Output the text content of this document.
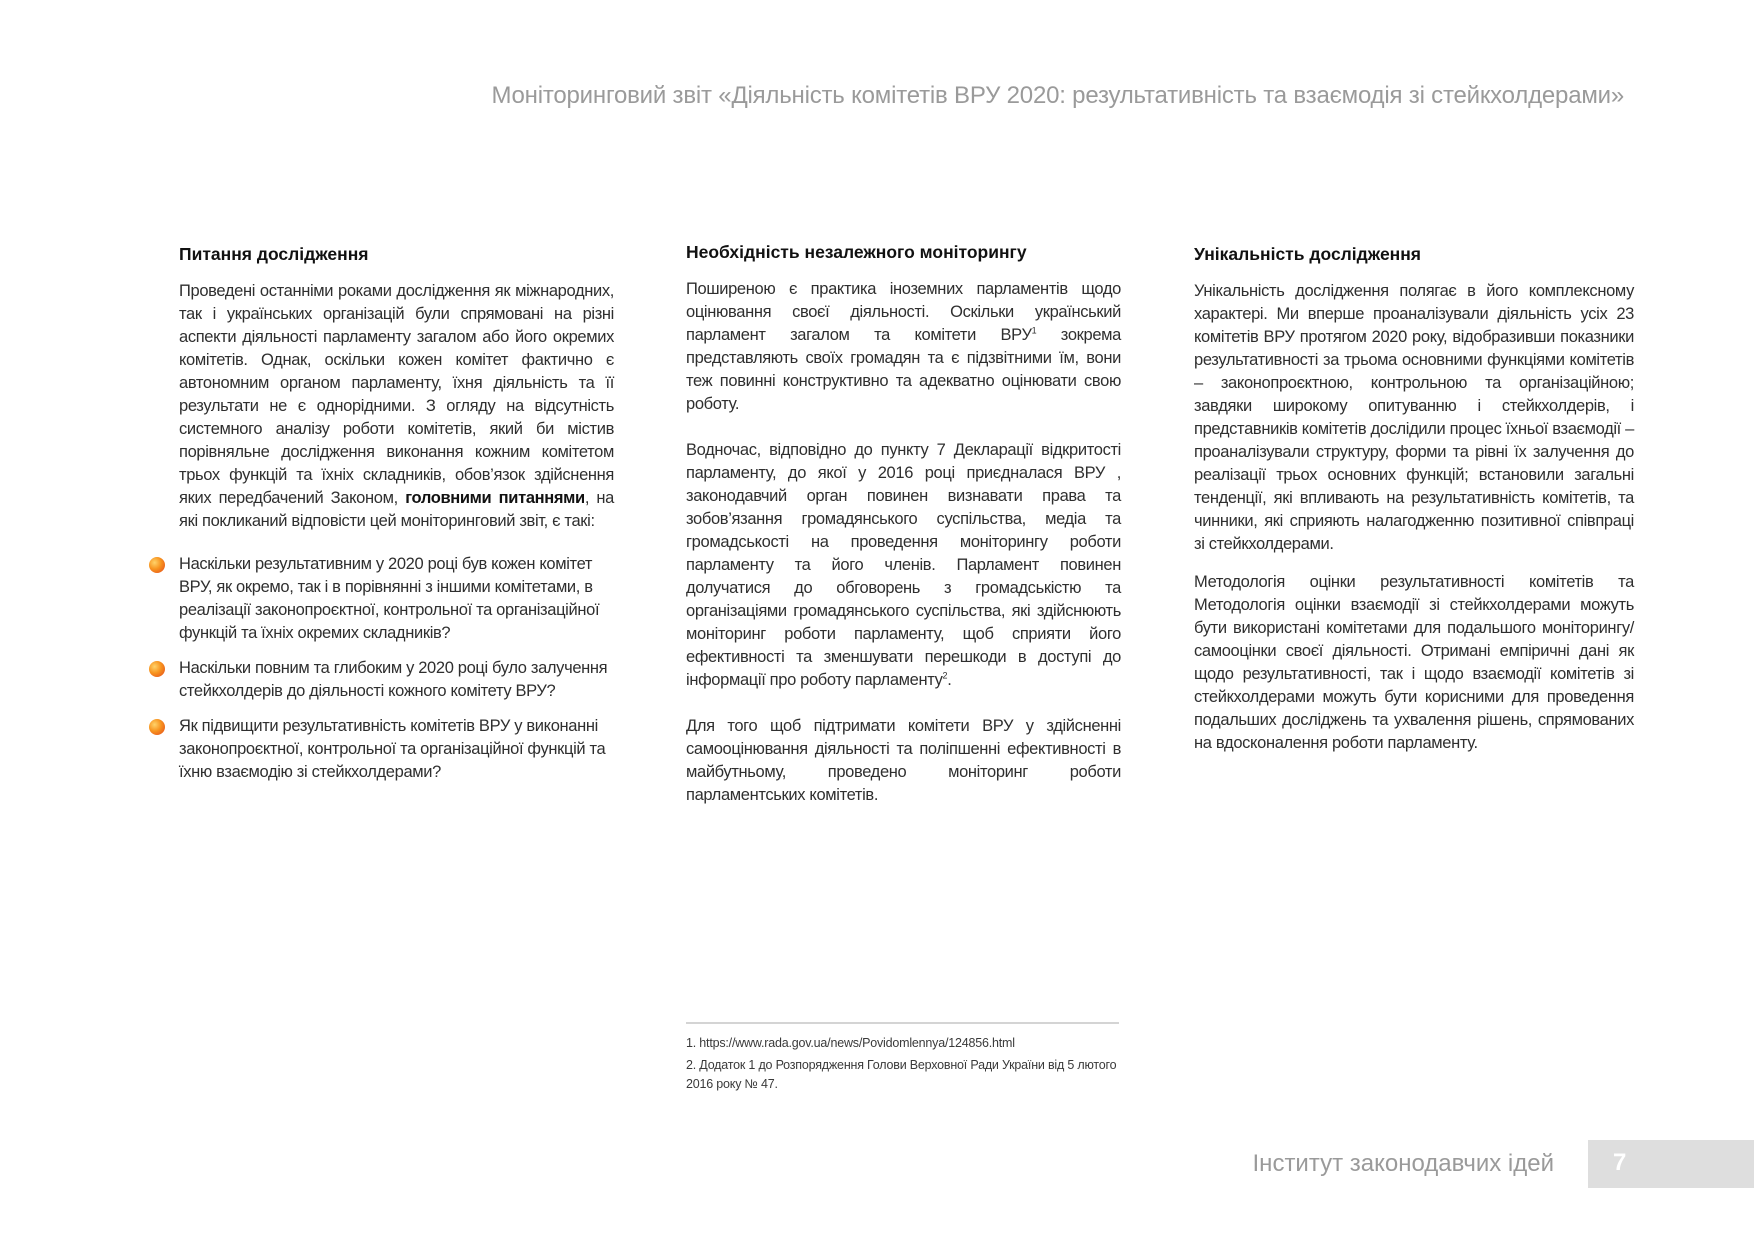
Моніторинговий звіт «Діяльність комітетів ВРУ 2020: результативність та взаємодія зі стейкхолдерами»
Питання дослідження

Проведені останніми роками дослідження як міжнародних, так і українських організацій були спрямовані на різні аспекти діяльності парламенту загалом або його окремих комітетів. Однак, оскільки кожен комітет фактично є автономним органом парламенту, їхня діяльність та її результати не є однорідними. З огляду на відсутність системного аналізу роботи комітетів, який би містив порівняльне дослідження виконання кожним комітетом трьох функцій та їхніх складників, обов’язок здійснення яких передбачений Законом, головними питаннями, на які покликаний відповісти цей моніторинговий звіт, є такі:

Наскільки результативним у 2020 році був кожен комітет ВРУ, як окремо, так і в порівнянні з іншими комітетами, в реалізації законопроєктної, контрольної та організаційної функцій та їхніх окремих складників?
Наскільки повним та глибоким у 2020 році було залучення стейкхолдерів до діяльності кожного комітету ВРУ?
Як підвищити результативність комітетів ВРУ у виконанні законопроєктної, контрольної та організаційної функцій та їхню взаємодію зі стейкхолдерами?
Необхідність незалежного моніторингу

Поширеною є практика іноземних парламентів щодо оцінювання своєї діяльності. Оскільки український парламент загалом та комітети ВРУ$^1$ зокрема представляють своїх громадян та є підзвітними їм, вони теж повинні конструктивно та адекватно оцінювати свою роботу.

Водночас, відповідно до пункту 7 Декларації відкритості парламенту, до якої у 2016 році приєдналася ВРУ , законодавчий орган повинен визнавати права та зобов’язання громадянського суспільства, медіа та громадськості на проведення моніторингу роботи парламенту та його членів. Парламент повинен долучатися до обговорень з громадськістю та організаціями громадянського суспільства, які здійснюють моніторинг роботи парламенту, щоб сприяти його ефективності та зменшувати перешкоди в доступі до інформації про роботу парламенту$^2$.

Для того щоб підтримати комітети ВРУ у здійсненні самооцінювання діяльності та поліпшенні ефективності в майбутньому, проведено моніторинг роботи парламентських комітетів.

Унікальність дослідження

Унікальність дослідження полягає в його комплексному характері. Ми вперше проаналізували діяльність усіх 23 комітетів ВРУ протягом 2020 року, відобразивши показники результативності за трьома основними функціями комітетів – законопроєктною, контрольною та організаційною; завдяки широкому опитуванню і стейкхолдерів, і представників комітетів дослідили процес їхньої взаємодії – проаналізували структуру, форми та рівні їх залучення до реалізації трьох основних функцій; встановили загальні тенденції, які впливають на результативність комітетів, та чинники, які сприяють налагодженню позитивної співпраці зі стейкхолдерами.

Методологія оцінки результативності комітетів та Методологія оцінки взаємодії зі стейкхолдерами можуть бути використані комітетами для подальшого моніторингу/самооцінки своєї діяльності. Отримані емпіричні дані як щодо результативності, так і щодо взаємодії комітетів зі стейкхолдерами можуть бути корисними для проведення подальших досліджень та ухвалення рішень, спрямованих на вдосконалення роботи парламенту.

1. https://www.rada.gov.ua/news/Povidomlennya/124856.html
2. Додаток 1 до Розпорядження Голови Верховної Ради України від 5 лютого 2016 року № 47.
Інститут законодавчих ідей 7
